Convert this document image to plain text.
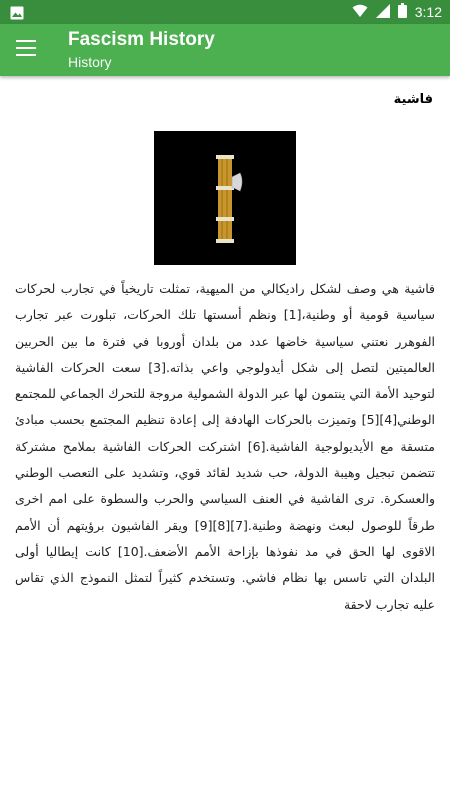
3:12
Fascism History
History
فاشية
فاشية هي وصف لشكل راديكالي من الميهية، تمثلت تاريخياً في تجارب لحركات سياسية قومية أو وطنية،[1] ونظم أسستها تلك الحركات، تبلورت عبر تجارب الفوهرر نعتني سياسية خاضها عدد من بلدان أوروبا في فترة ما بين الحربين العالميتين لتصل إلى شكل أيدولوجي واعي بذاته.[3] سعت الحركات الفاشية لتوحيد الأمة التي ينتمون لها عبر الدولة الشمولية مروجة للتحرك الجماعي للمجتمع الوطني[4][5] وتميزت بالحركات الهادفة إلى إعادة تنظيم المجتمع بحسب مبادئ متسقة مع الأيديولوجية الفاشية.[6] اشتركت الحركات الفاشية بملامح مشتركة تتضمن تبجيل وهيبة الدولة، حب شديد لقائد قوي، وتشديد على التعصب الوطني والعسكرة. ترى الفاشية في العنف السياسي والحرب والسطوة على امم اخرى طرقاً للوصول لبعث ونهضة وطنية.[7][8][9] ويقر الفاشيون برؤيتهم أن الأمم الاقوى لها الحق في مد نفوذها بإزاحة الأمم الأضعف.[10] كانت إيطاليا أولى البلدان التي تاسس بها نظام فاشي. وتستخدم كثيراً لتمثل النموذج الذي تقاس عليه تجارب لاحقة
